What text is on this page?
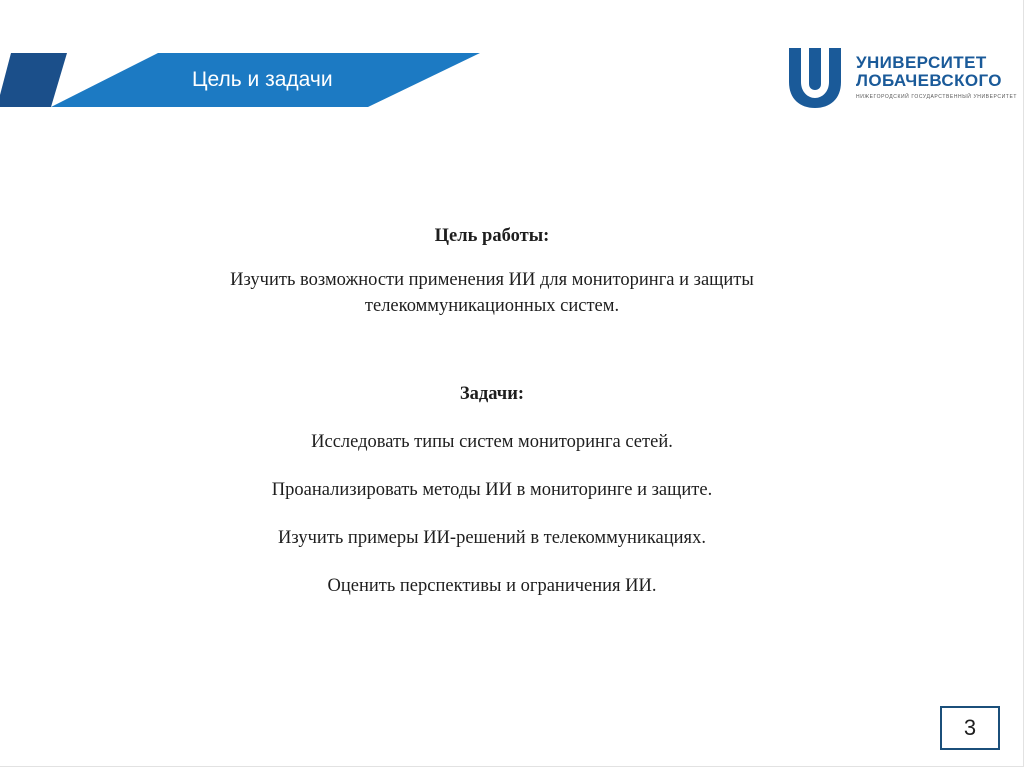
Цель и задачи
УНИВЕРСИТЕТ
ЛОБАЧЕВСКОГО
НИЖЕГОРОДСКИЙ ГОСУДАРСТВЕННЫЙ УНИВЕРСИТЕТ

Цель работы:

Изучить возможности применения ИИ для мониторинга и защиты

телекоммуникационных систем.

Задачи:

Исследовать типы систем мониторинга сетей.

Проанализировать методы ИИ в мониторинге и защите.

Изучить примеры ИИ-решений в телекоммуникациях.

Оценить перспективы и ограничения ИИ.

3
